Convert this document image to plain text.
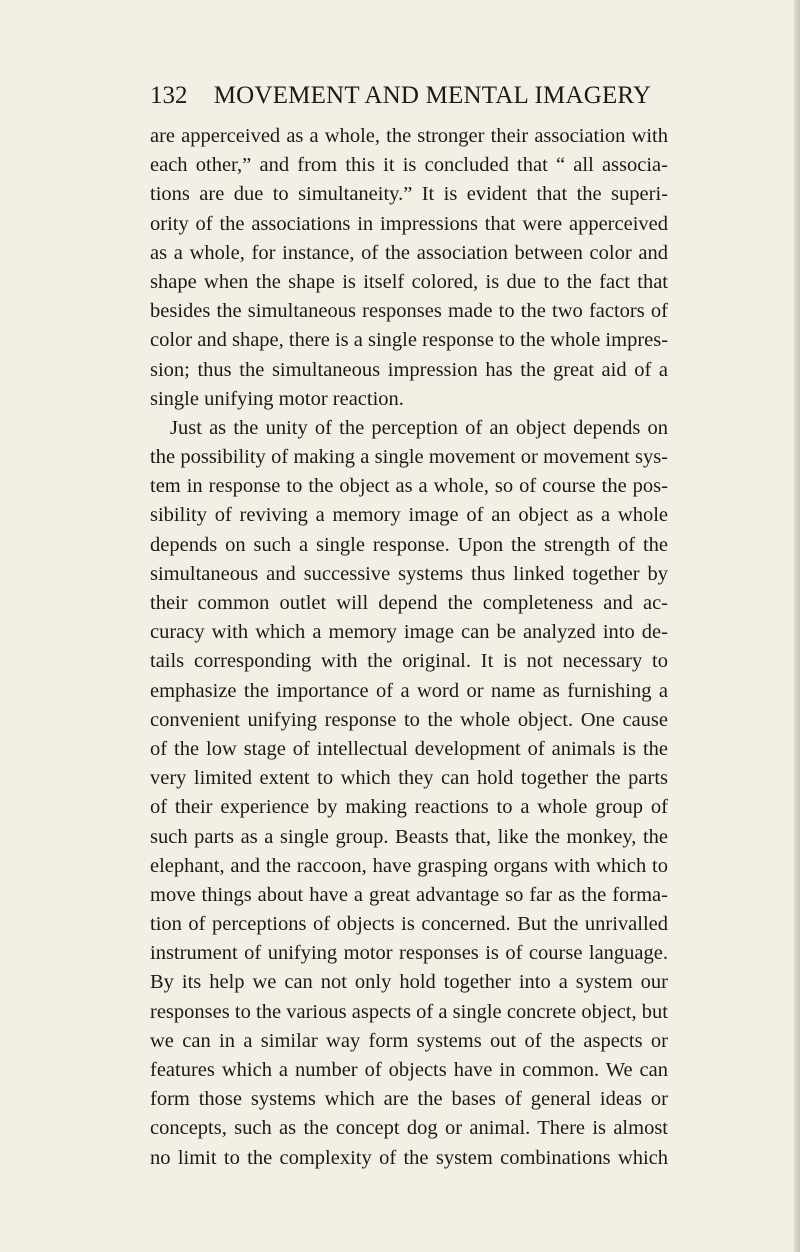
132 MOVEMENT AND MENTAL IMAGERY
are apperceived as a whole, the stronger their association with
each other,” and from this it is concluded that “ all associa-
tions are due to simultaneity.” It is evident that the superi-
ority of the associations in impressions that were apperceived
as a whole, for instance, of the association between color and
shape when the shape is itself colored, is due to the fact that
besides the simultaneous responses made to the two factors of
color and shape, there is a single response to the whole impres-
sion; thus the simultaneous impression has the great aid of a
single unifying motor reaction.
Just as the unity of the perception of an object depends on
the possibility of making a single movement or movement sys-
tem in response to the object as a whole, so of course the pos-
sibility of reviving a memory image of an object as a whole
depends on such a single response. Upon the strength of the
simultaneous and successive systems thus linked together by
their common outlet will depend the completeness and ac-
curacy with which a memory image can be analyzed into de-
tails corresponding with the original. It is not necessary to
emphasize the importance of a word or name as furnishing a
convenient unifying response to the whole object. One cause
of the low stage of intellectual development of animals is the
very limited extent to which they can hold together the parts
of their experience by making reactions to a whole group of
such parts as a single group. Beasts that, like the monkey, the
elephant, and the raccoon, have grasping organs with which to
move things about have a great advantage so far as the forma-
tion of perceptions of objects is concerned. But the unrivalled
instrument of unifying motor responses is of course language.
By its help we can not only hold together into a system our
responses to the various aspects of a single concrete object, but
we can in a similar way form systems out of the aspects or
features which a number of objects have in common. We can
form those systems which are the bases of general ideas or
concepts, such as the concept dog or animal. There is almost
no limit to the complexity of the system combinations which
